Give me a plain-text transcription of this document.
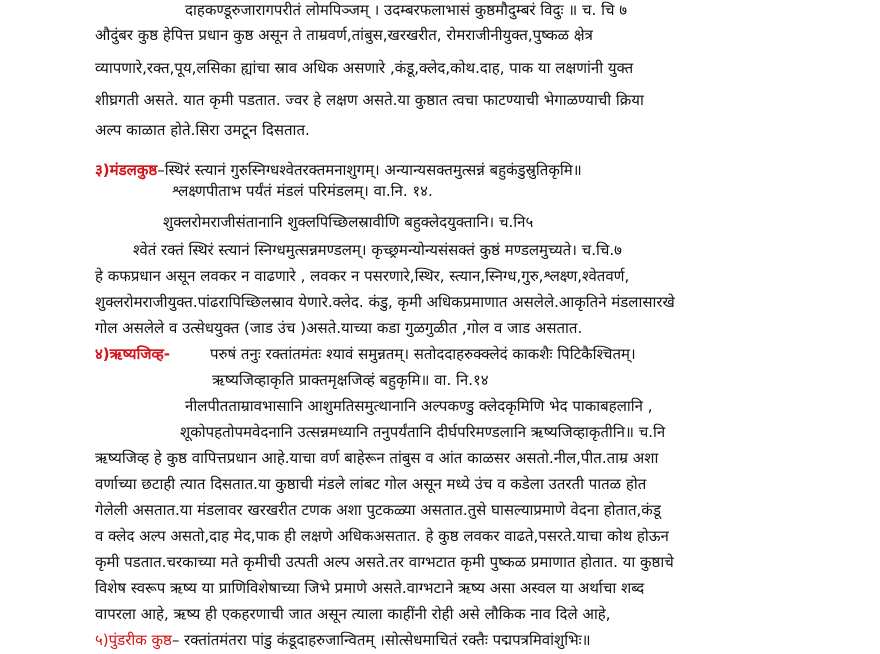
दाहकण्डूरुजारागपरीतं लोमपिञ्जम् । उदम्बरफलाभासं कुष्ठमौदुम्बरं विदुः ॥ च. चि ७
औदुंबर कुष्ठ हेपित्त प्रधान कुष्ठ असून ते ताम्रवर्ण,तांबुस,खरखरीत, रोमराजीनीयुक्त,पुष्कळ क्षेत्र
व्यापणारे,रक्त,पूय,लसिका ह्यांचा स्राव अधिक असणारे ,कंडू,क्लेद,कोथ.दाह, पाक या लक्षणांनी युक्त
शीघ्रगती असते. यात कृमी पडतात. ज्वर हे लक्षण असते.या कुष्ठात त्वचा फाटण्याची भेगाळण्याची क्रिया
अल्प काळात होते.सिरा उमटून दिसतात.
३)मंडलकुष्ठ–स्थिरं स्त्यानं गुरुस्निग्धश्वेतरक्तमनाशुगम्। अन्यान्यसक्तमुत्सन्नं बहुकंडुस्रुतिकृमि॥
श्लक्ष्णपीताभ पर्यंतं मंडलं परिमंडलम्। वा.नि. १४.
शुक्लरोमराजीसंतानानि शुक्लपिच्छिलस्रावीणि बहुक्लेदयुक्तानि। च.नि५
श्वेतं रक्तं स्थिरं स्त्यानं स्निग्धमुत्सन्नमण्डलम्। कृच्छ्रमन्योन्यसंसक्तं कुष्ठं मण्डलमुच्यते। च.चि.७
हे कफप्रधान असून लवकर न वाढणारे , लवकर न पसरणारे,स्थिर, स्त्यान,स्निग्ध,गुरु,श्लक्ष्ण,श्वेतवर्ण,
शुक्लरोमराजीयुक्त.पांढरापिच्छिलस्राव येणारे.क्लेद. कंडु, कृमी अधिकप्रमाणात असलेले.आकृतिने मंडलासारखे
गोल असलेले व उत्सेधयुक्त (जाड उंच )असते.याच्या कडा गुळगुळीत ,गोल व जाड असतात.
४)ऋष्यजिव्ह-	परुषं तनुः रक्तांतमंतः श्यावं समुन्नतम्। सतोददाहरुक्क्लेदं काकशैः पिटिकैश्चितम्।
ऋष्यजिव्हाकृति प्राक्तमृक्षजिव्हं बहुकृमि॥ वा. नि.१४
नीलपीतताम्रावभासानि आशुमतिसमुत्थानानि अल्पकण्डु क्लेदकृमिणि भेद पाकाबहलानि ,
शूकोपहतोपमवेदनानि उत्सन्नमध्यानि तनुपर्यंतानि दीर्घपरिमण्डलानि ऋष्यजिव्हाकृतीनि॥ च.नि
ऋष्यजिव्ह हे कुष्ठ वापित्तप्रधान आहे.याचा वर्ण बाहेरून तांबुस व आंत काळसर असतो.नील,पीत.ताम्र अशा
वर्णाच्या छटाही त्यात दिसतात.या कुष्ठाची मंडले लांबट गोल असून मध्ये उंच व कडेला उतरती पातळ होत
गेलेली असतात.या मंडलावर खरखरीत टणक अशा पुटकळ्या असतात.तुसे घासल्याप्रमाणे वेदना होतात,कंडू
व क्लेद अल्प असतो,दाह मेद,पाक ही लक्षणे अधिकअसतात. हे कुष्ठ लवकर वाढते,पसरते.याचा कोथ होऊन
कृमी पडतात.चरकाच्या मते कृमीची उत्पती अल्प असते.तर वाग्भटात कृमी पुष्कळ प्रमाणात होतात. या कुष्ठाचे
विशेष स्वरूप ऋष्य या प्राणिविशेषाच्या जिभे प्रमाणे असते.वाग्भटाने ऋष्य असा अस्वल या अर्थाचा शब्द
वापरला आहे, ऋष्य ही एकहरणाची जात असून त्याला काहींनी रोही असे लौकिक नाव दिले आहे,
५)पुंडरीक कुष्ठ– रक्तांतमंतरा पांडु कंडूदाहरुजान्वितम् ।सोत्सेधमाचितं रक्तैः पद्मपत्रमिवांशुभिः॥
